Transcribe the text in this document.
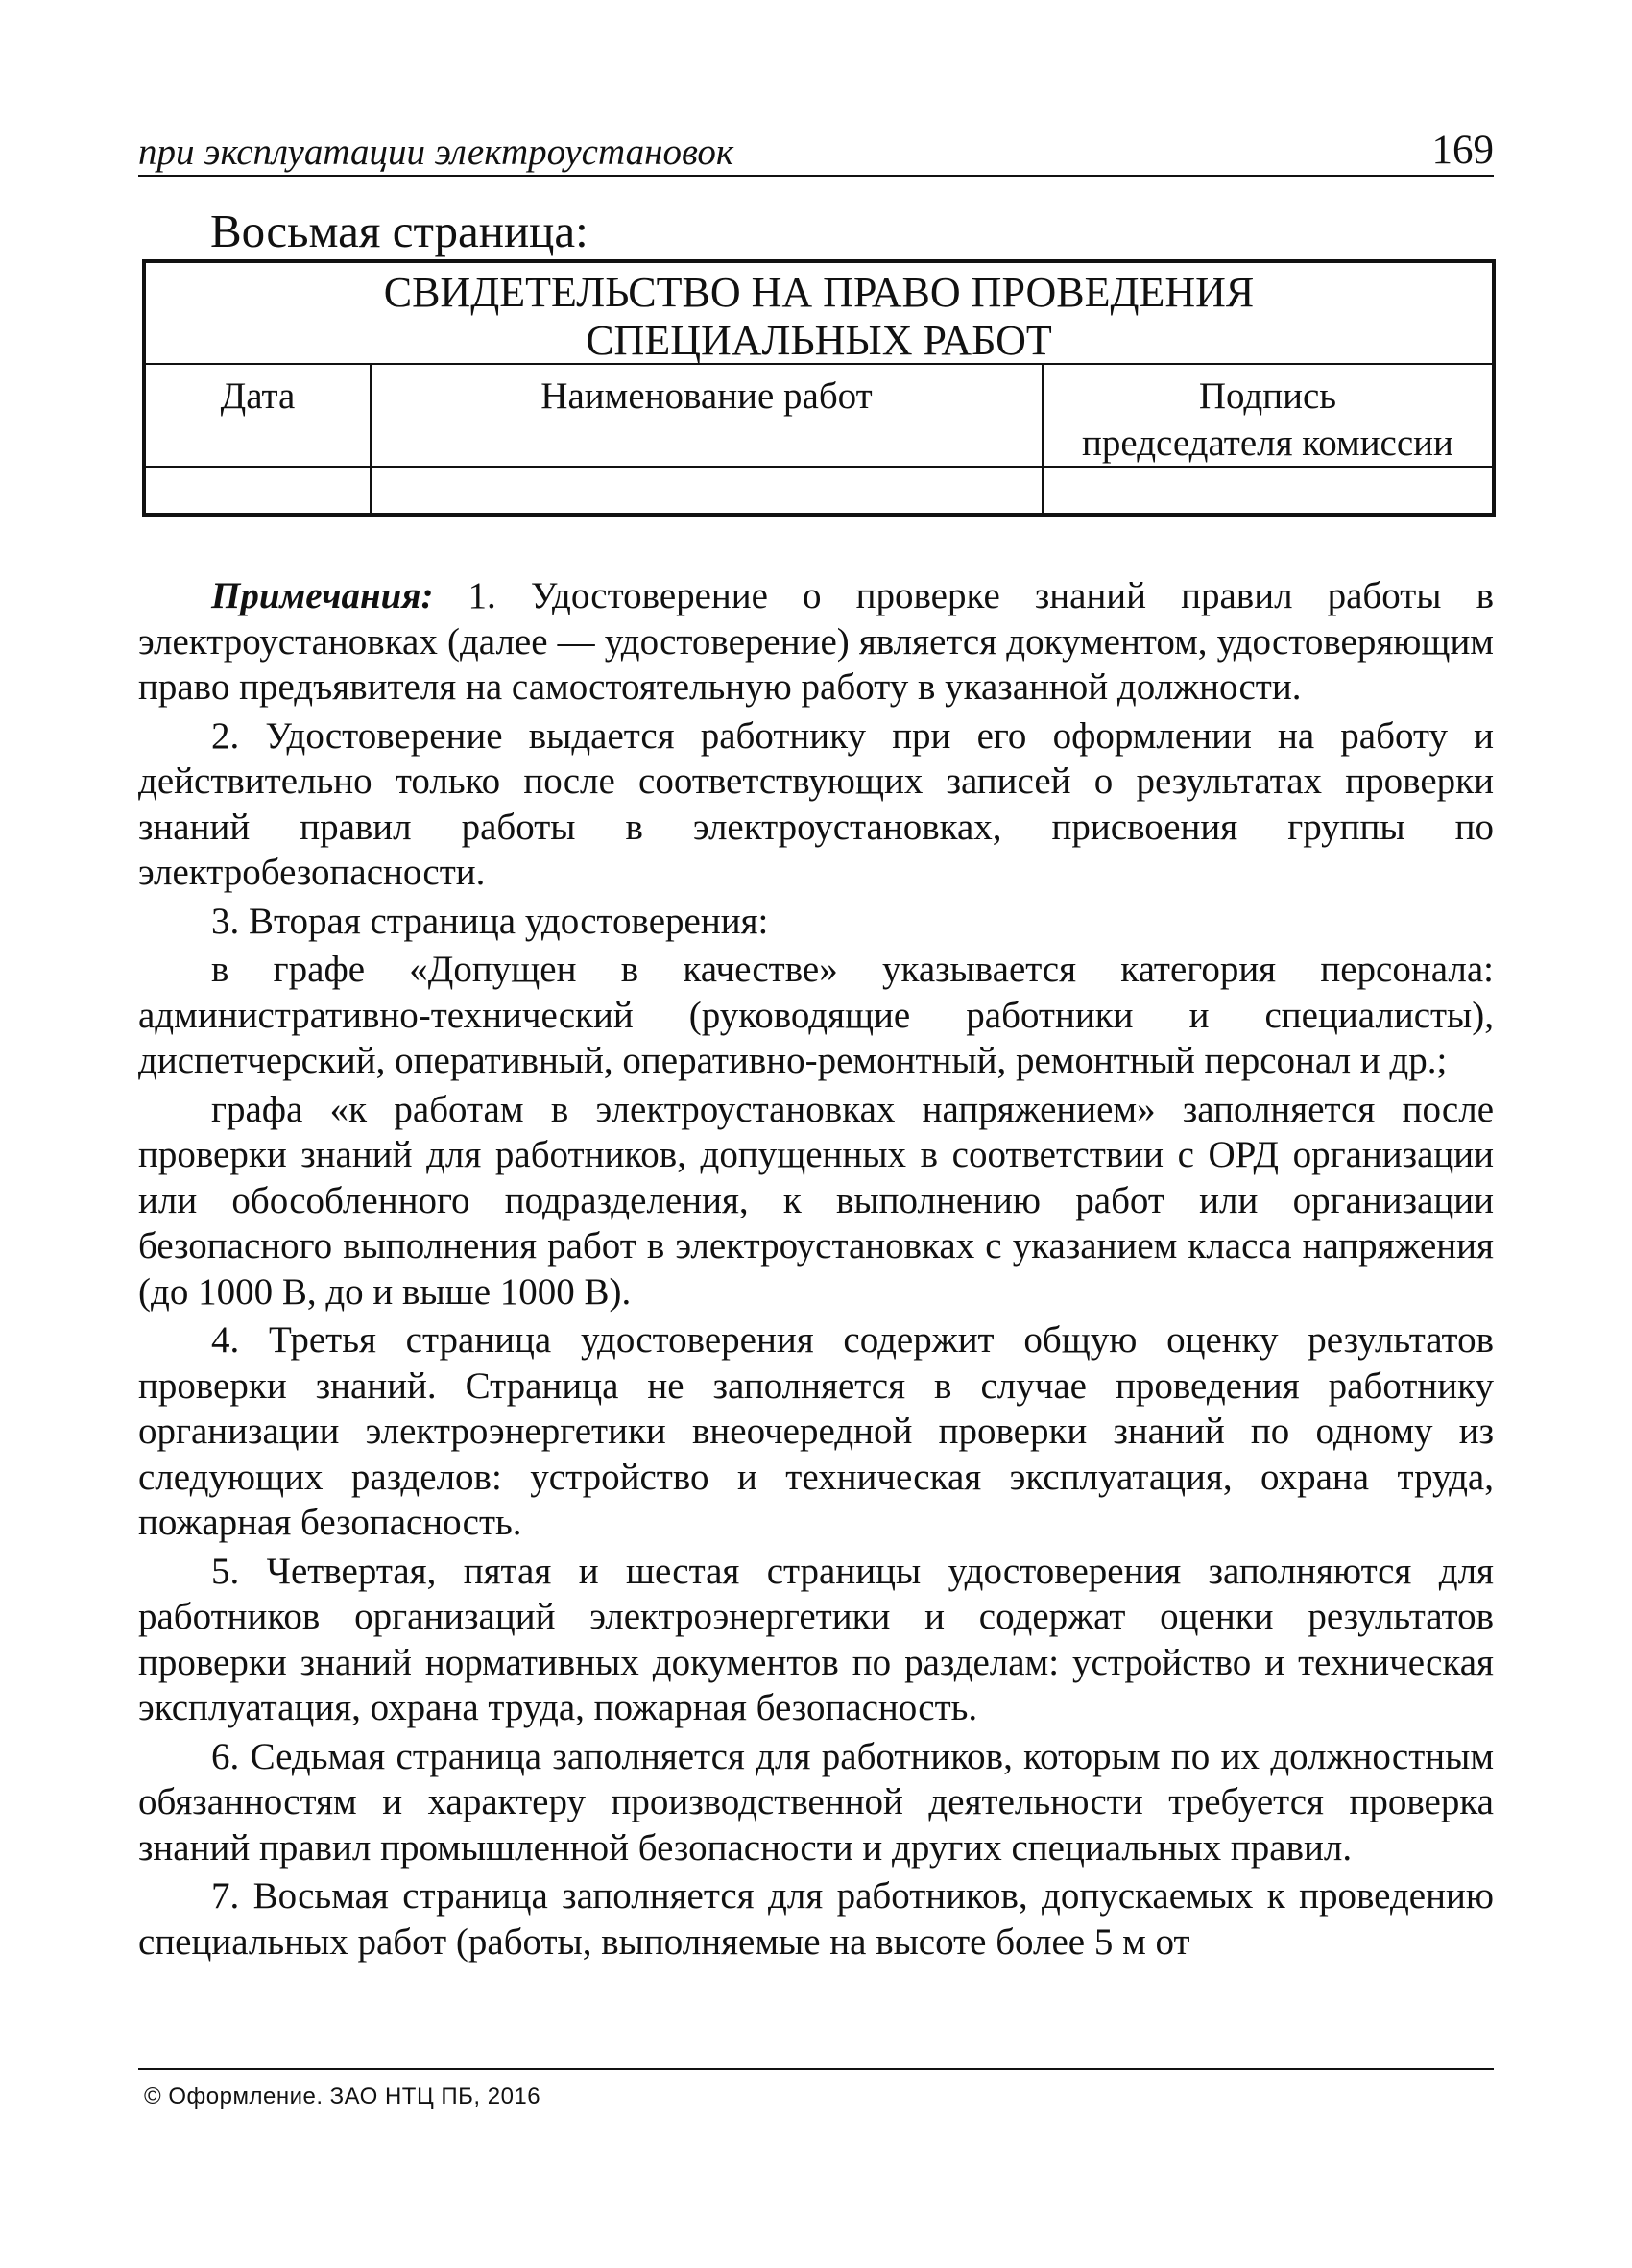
при эксплуатации электроустановок	169
Восьмая страница:
СВИДЕТЕЛЬСТВО НА ПРАВО ПРОВЕДЕНИЯ
СПЕЦИАЛЬНЫХ РАБОТ
Дата	Наименование работ	Подпись
председателя комиссии

Примечания: 1. Удостоверение о проверке знаний правил работы в электроустановках (далее — удостоверение) является документом, удостоверяющим право предъявителя на самостоятельную работу в указанной должности.

2. Удостоверение выдается работнику при его оформлении на работу и действительно только после соответствующих записей о результатах проверки знаний правил работы в электроустановках, присвоения группы по электробезопасности.

3. Вторая страница удостоверения:

в графе «Допущен в качестве» указывается категория персонала: административно-технический (руководящие работники и специалисты), диспетчерский, оперативный, оперативно-ремонтный, ремонтный персонал и др.;

графа «к работам в электроустановках напряжением» заполняется после проверки знаний для работников, допущенных в соответствии с ОРД организации или обособленного подразделения, к выполнению работ или организации безопасного выполнения работ в электроустановках с указанием класса напряжения (до 1000 В, до и выше 1000 В).

4. Третья страница удостоверения содержит общую оценку результатов проверки знаний. Страница не заполняется в случае проведения работнику организации электроэнергетики внеочередной проверки знаний по одному из следующих разделов: устройство и техническая эксплуатация, охрана труда, пожарная безопасность.

5. Четвертая, пятая и шестая страницы удостоверения заполняются для работников организаций электроэнергетики и содержат оценки результатов проверки знаний нормативных документов по разделам: устройство и техническая эксплуатация, охрана труда, пожарная безопасность.

6. Седьмая страница заполняется для работников, которым по их должностным обязанностям и характеру производственной деятельности требуется проверка знаний правил промышленной безопасности и других специальных правил.

7. Восьмая страница заполняется для работников, допускаемых к проведению специальных работ (работы, выполняемые на высоте более 5 м от

© Оформление. ЗАО НТЦ ПБ, 2016
